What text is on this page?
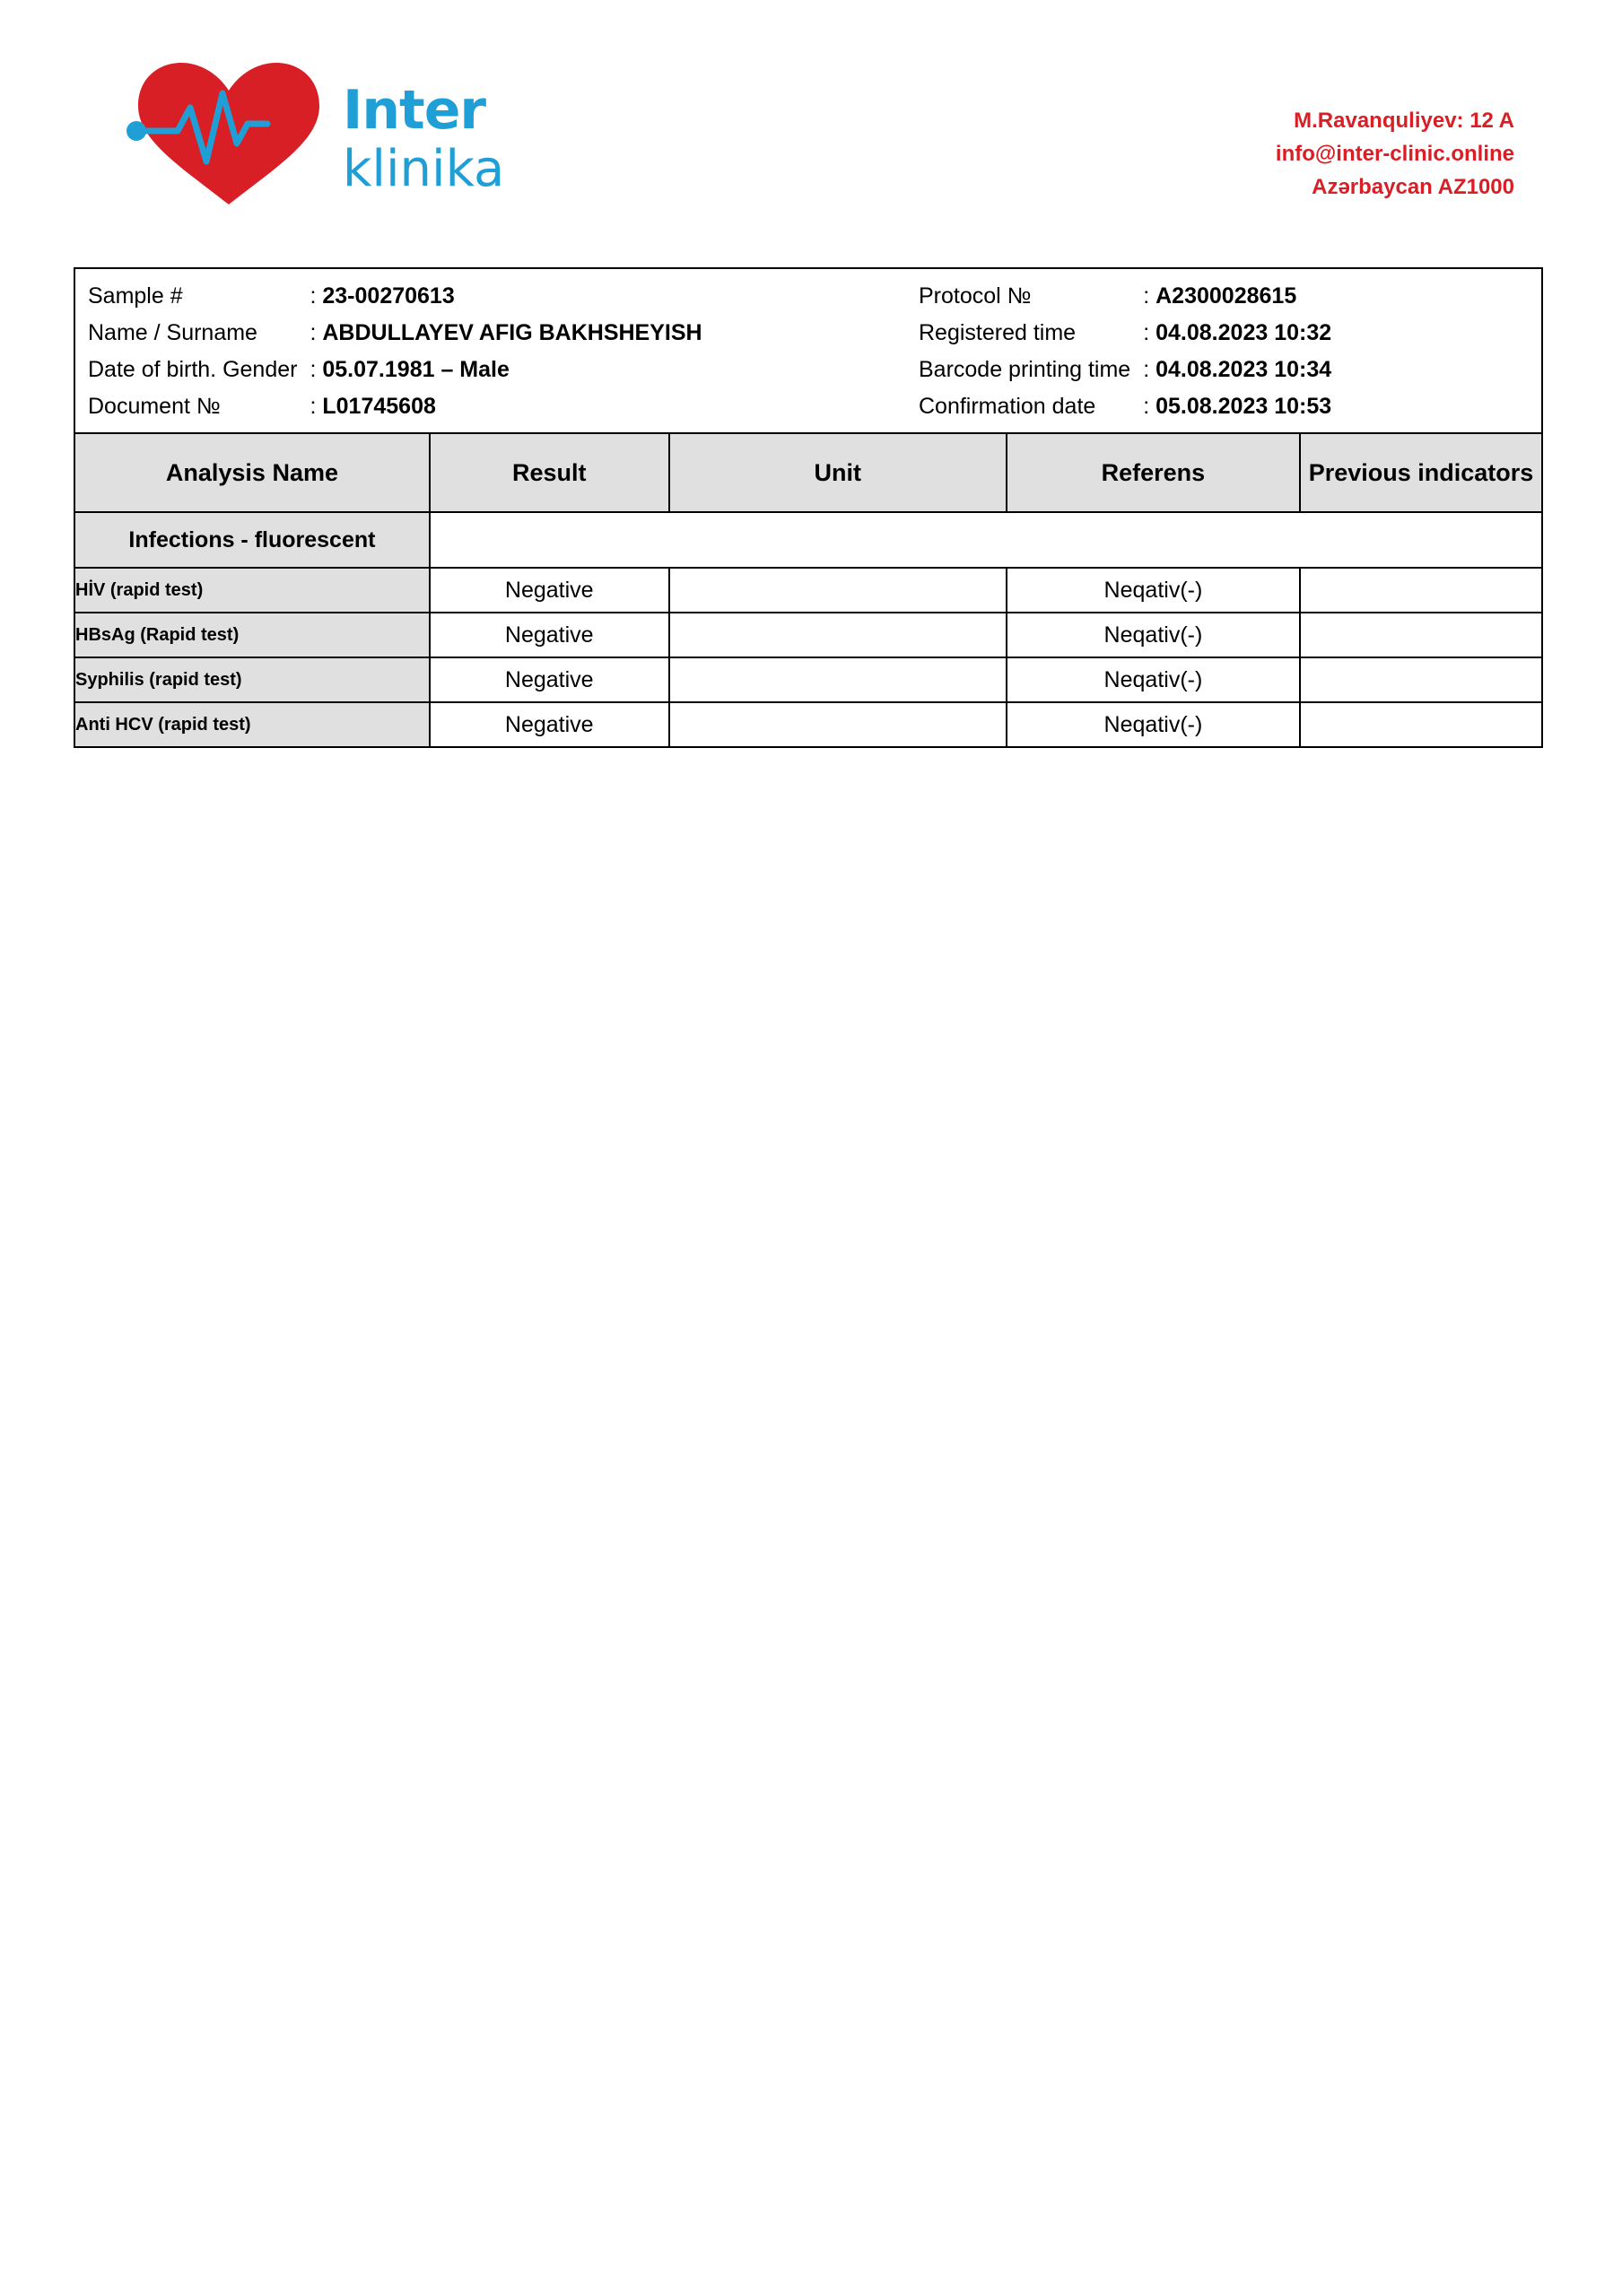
Inter
klinika
M.Ravanquliyev: 12 A
info@inter-clinic.online
Azərbaycan AZ1000
Sample #	: 23-00270613
Name / Surname	: ABDULLAYEV AFIG BAKHSHEYISH
Date of birth. Gender : 05.07.1981 – Male
Document №	: L01745608
Protocol №	: A2300028615
Registered time	: 04.08.2023 10:32
Barcode printing time : 04.08.2023 10:34
Confirmation date	: 05.08.2023 10:53
Analysis Name	Result	Unit	Referens	Previous indicators
Infections - fluorescent				
HİV (rapid test)	Negative		Neqativ(-)	
HBsAg (Rapid test)	Negative		Neqativ(-)	
Syphilis (rapid test)	Negative		Neqativ(-)	
Anti HCV (rapid test)	Negative		Neqativ(-)	
